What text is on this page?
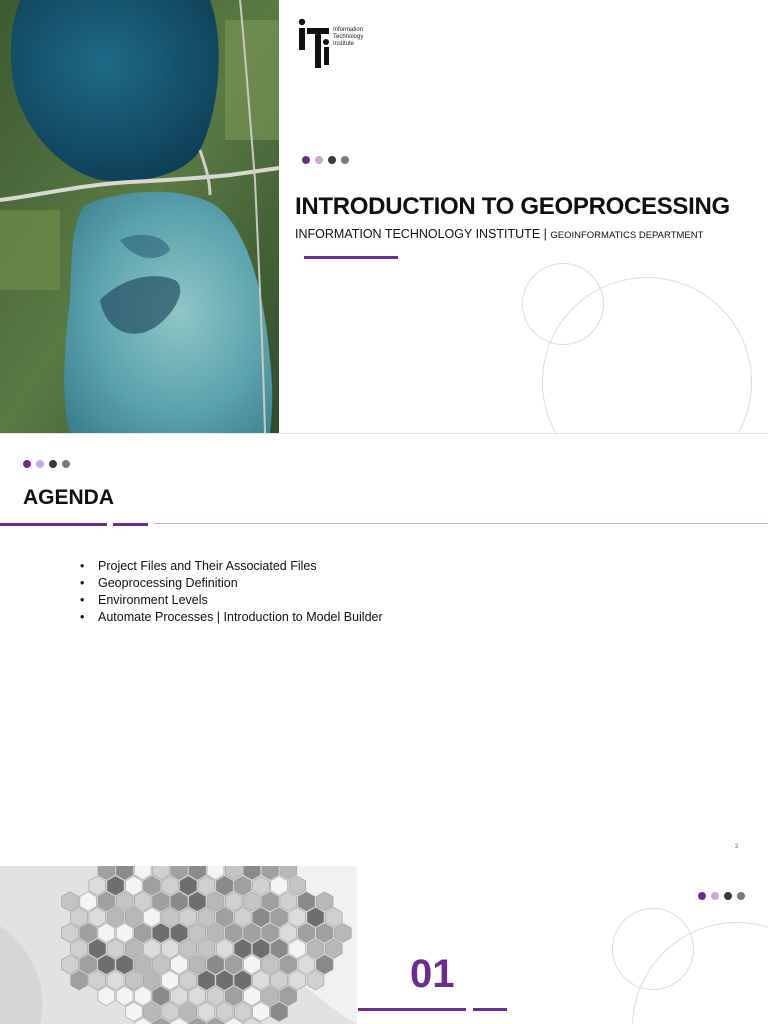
Information
Technology
Institute
INTRODUCTION TO GEOPROCESSING
INFORMATION TECHNOLOGY INSTITUTE | GEOINFORMATICS DEPARTMENT
AGENDA
• Project Files and Their Associated Files
• Geoprocessing Definition
• Environment Levels
• Automate Processes | Introduction to Model Builder
2
01
